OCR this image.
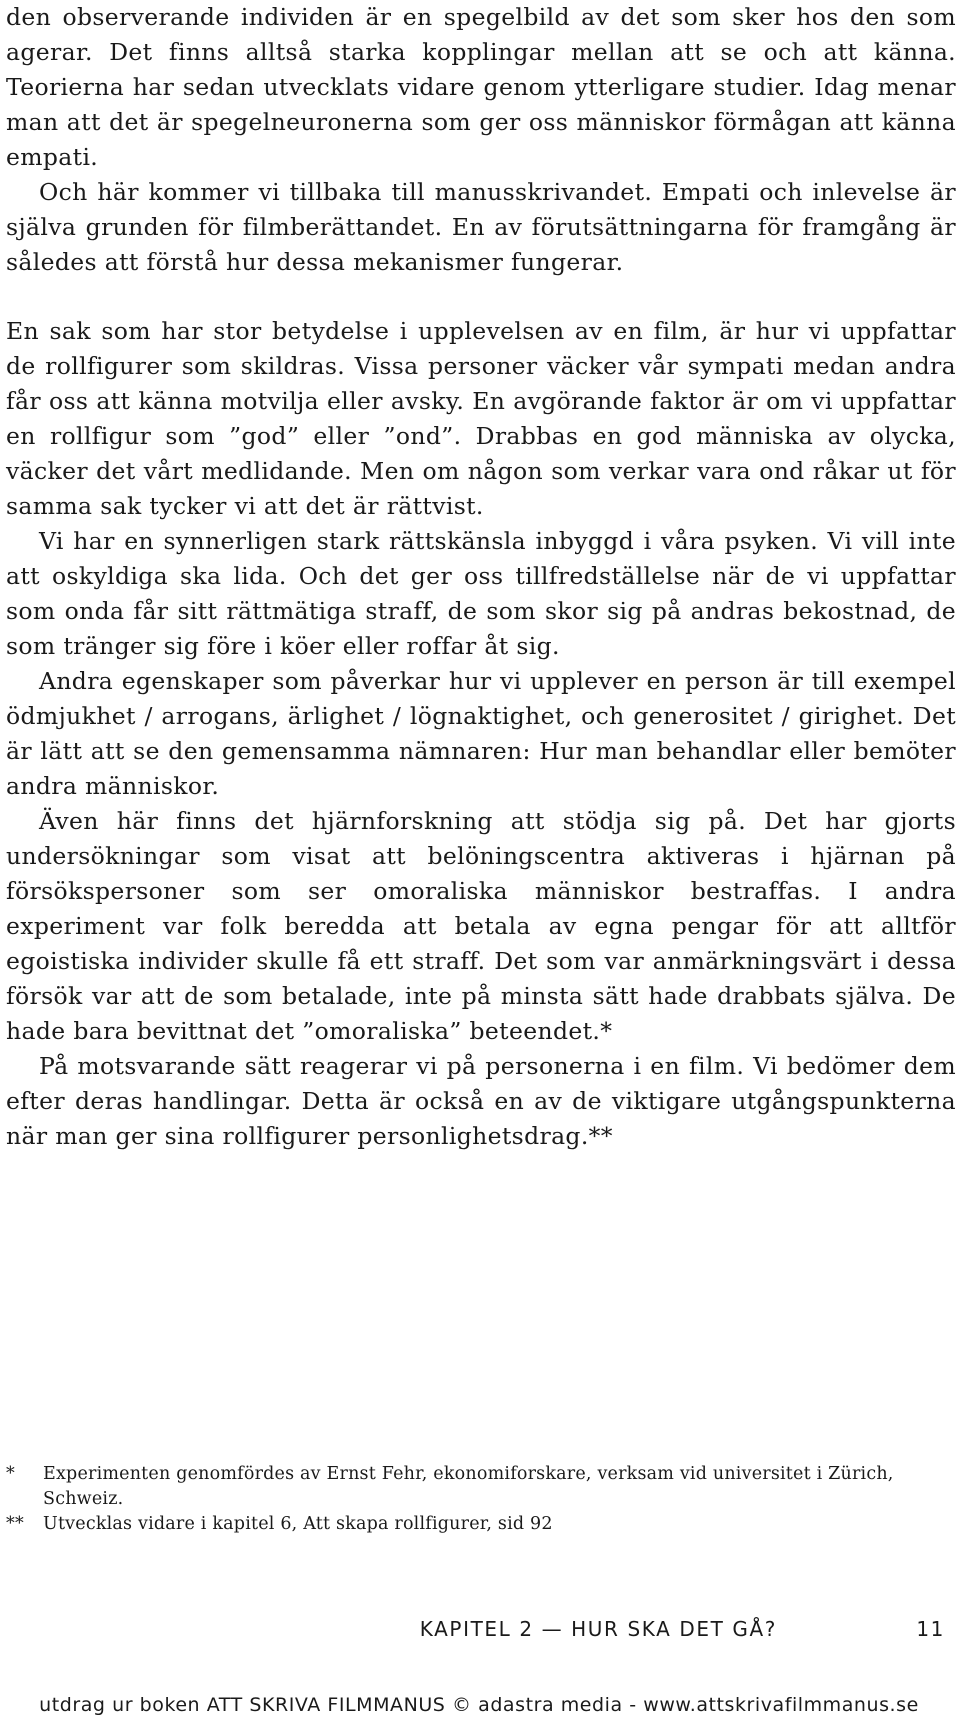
den observerande individen är en spegelbild av det som sker hos den som agerar. Det finns alltså starka kopplingar mellan att se och att känna. Teorierna har sedan utvecklats vidare genom ytterligare studier. Idag menar man att det är spegelneuronerna som ger oss människor förmågan att känna empati.

Och här kommer vi tillbaka till manusskrivandet. Empati och inlevelse är själva grunden för filmberättandet. En av förutsättningarna för framgång är således att förstå hur dessa mekanismer fungerar.

En sak som har stor betydelse i upplevelsen av en film, är hur vi uppfattar de rollfigurer som skildras. Vissa personer väcker vår sympati medan andra får oss att känna motvilja eller avsky. En avgörande faktor är om vi uppfattar en rollfigur som ”god” eller ”ond”. Drabbas en god människa av olycka, väcker det vårt medlidande. Men om någon som verkar vara ond råkar ut för samma sak tycker vi att det är rättvist.

Vi har en synnerligen stark rättskänsla inbyggd i våra psyken. Vi vill inte att oskyldiga ska lida. Och det ger oss tillfredställelse när de vi uppfattar som onda får sitt rättmätiga straff, de som skor sig på andras bekostnad, de som tränger sig före i köer eller roffar åt sig.

Andra egenskaper som påverkar hur vi upplever en person är till exempel ödmjukhet / arrogans, ärlighet / lögnaktighet, och generositet / girighet. Det är lätt att se den gemensamma nämnaren: Hur man behandlar eller bemöter andra människor.

Även här finns det hjärnforskning att stödja sig på. Det har gjorts undersökningar som visat att belöningscentra aktiveras i hjärnan på försökspersoner som ser omoraliska människor bestraffas. I andra experiment var folk beredda att betala av egna pengar för att alltför egoistiska individer skulle få ett straff. Det som var anmärkningsvärt i dessa försök var att de som betalade, inte på minsta sätt hade drabbats själva. De hade bara bevittnat det ”omoraliska” beteendet.*

På motsvarande sätt reagerar vi på personerna i en film. Vi bedömer dem efter deras handlingar. Detta är också en av de viktigare utgångspunkterna när man ger sina rollfigurer personlighetsdrag.**

*	Experimenten genomfördes av Ernst Fehr, ekonomiforskare, verksam vid universitet i Zürich, Schweiz.
**	Utvecklas vidare i kapitel 6, Att skapa rollfigurer, sid 92
KAPITEL 2 — HUR SKA DET GÅ?	11
utdrag ur boken ATT SKRIVA FILMMANUS © adastra media - www.attskrivafilmmanus.se
